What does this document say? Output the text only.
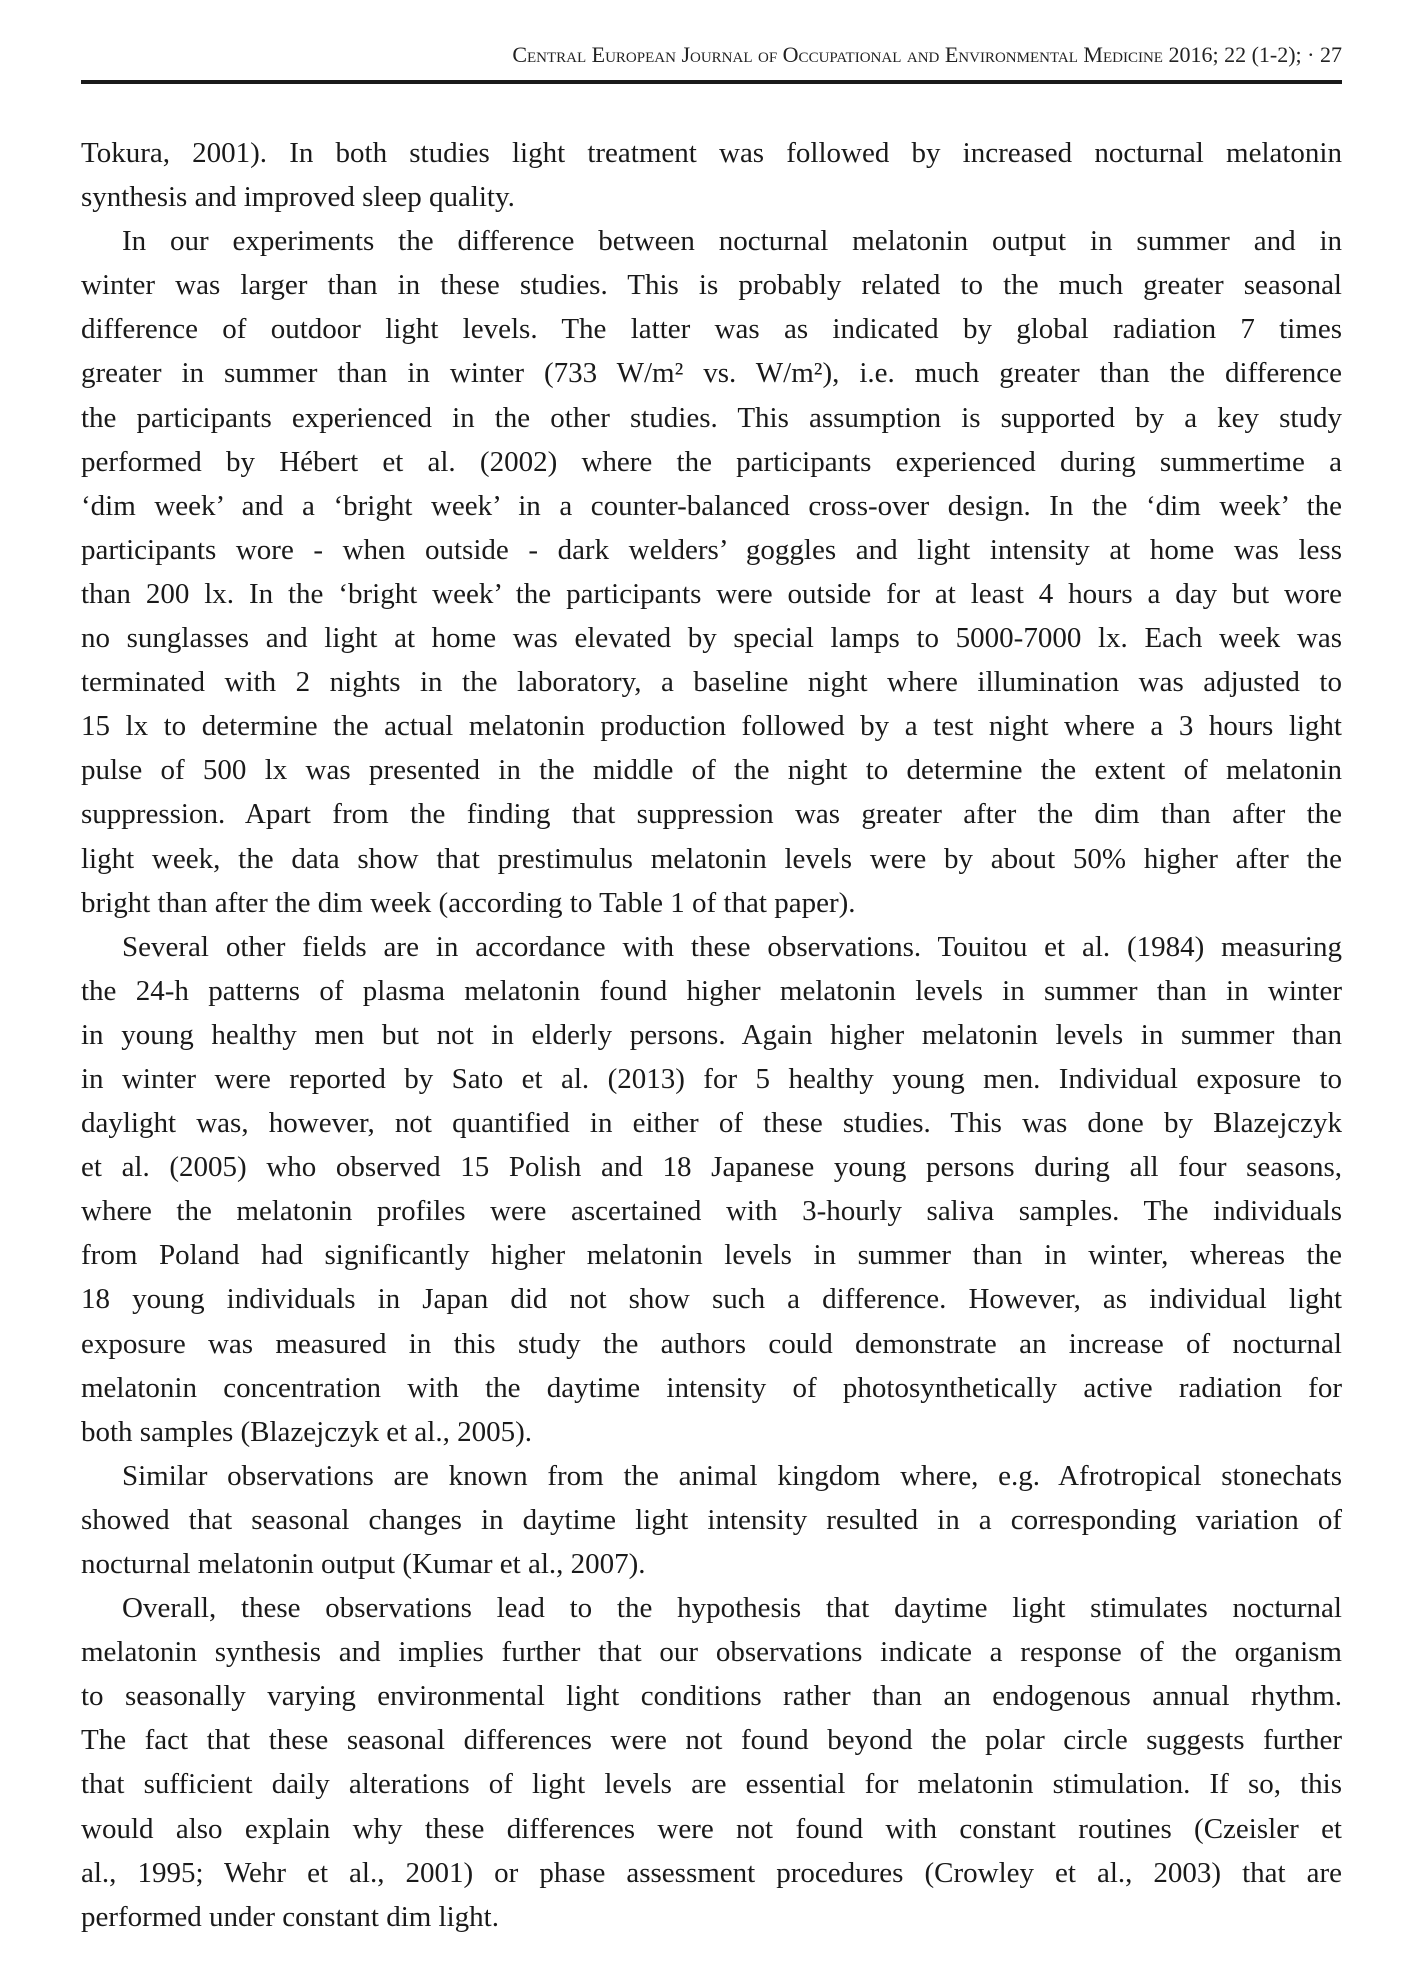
Central European Journal of Occupational and Environmental Medicine 2016; 22 (1-2); · 27
Tokura, 2001). In both studies light treatment was followed by increased nocturnal melatonin
synthesis and improved sleep quality.
In our experiments the difference between nocturnal melatonin output in summer and in
winter was larger than in these studies. This is probably related to the much greater seasonal
difference of outdoor light levels. The latter was as indicated by global radiation 7 times
greater in summer than in winter (733 W/m² vs. W/m²), i.e. much greater than the difference
the participants experienced in the other studies. This assumption is supported by a key study
performed by Hébert et al. (2002) where the participants experienced during summertime a
‘dim week’ and a ‘bright week’ in a counter-balanced cross-over design. In the ‘dim week’ the
participants wore - when outside - dark welders’ goggles and light intensity at home was less
than 200 lx. In the ‘bright week’ the participants were outside for at least 4 hours a day but wore
no sunglasses and light at home was elevated by special lamps to 5000-7000 lx. Each week was
terminated with 2 nights in the laboratory, a baseline night where illumination was adjusted to
15 lx to determine the actual melatonin production followed by a test night where a 3 hours light
pulse of 500 lx was presented in the middle of the night to determine the extent of melatonin
suppression. Apart from the finding that suppression was greater after the dim than after the
light week, the data show that prestimulus melatonin levels were by about 50% higher after the
bright than after the dim week (according to Table 1 of that paper).
Several other fields are in accordance with these observations. Touitou et al. (1984) measuring
the 24-h patterns of plasma melatonin found higher melatonin levels in summer than in winter
in young healthy men but not in elderly persons. Again higher melatonin levels in summer than
in winter were reported by Sato et al. (2013) for 5 healthy young men. Individual exposure to
daylight was, however, not quantified in either of these studies. This was done by Blazejczyk
et al. (2005) who observed 15 Polish and 18 Japanese young persons during all four seasons,
where the melatonin profiles were ascertained with 3-hourly saliva samples. The individuals
from Poland had significantly higher melatonin levels in summer than in winter, whereas the
18 young individuals in Japan did not show such a difference. However, as individual light
exposure was measured in this study the authors could demonstrate an increase of nocturnal
melatonin concentration with the daytime intensity of photosynthetically active radiation for
both samples (Blazejczyk et al., 2005).
Similar observations are known from the animal kingdom where, e.g. Afrotropical stonechats
showed that seasonal changes in daytime light intensity resulted in a corresponding variation of
nocturnal melatonin output (Kumar et al., 2007).
Overall, these observations lead to the hypothesis that daytime light stimulates nocturnal
melatonin synthesis and implies further that our observations indicate a response of the organism
to seasonally varying environmental light conditions rather than an endogenous annual rhythm.
The fact that these seasonal differences were not found beyond the polar circle suggests further
that sufficient daily alterations of light levels are essential for melatonin stimulation. If so, this
would also explain why these differences were not found with constant routines (Czeisler et
al., 1995; Wehr et al., 2001) or phase assessment procedures (Crowley et al., 2003) that are
performed under constant dim light.
